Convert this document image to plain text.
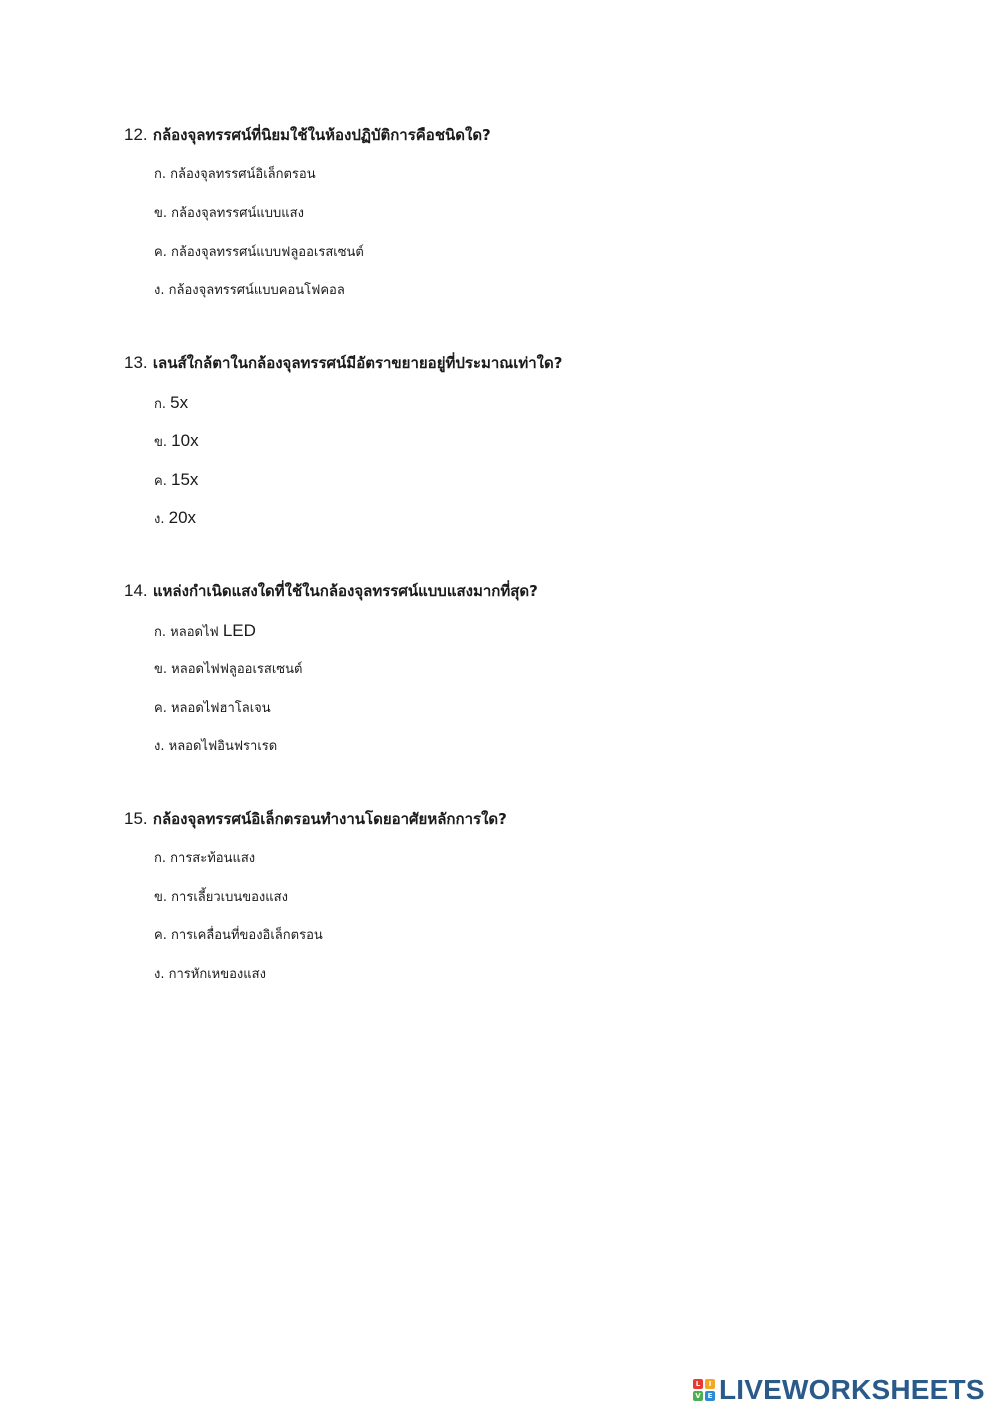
12. กล้องจุลทรรศน์ที่นิยมใช้ในห้องปฏิบัติการคือชนิดใด?
ก. กล้องจุลทรรศน์อิเล็กตรอน
ข. กล้องจุลทรรศน์แบบแสง
ค. กล้องจุลทรรศน์แบบฟลูออเรสเซนต์
ง. กล้องจุลทรรศน์แบบคอนโฟคอล
13. เลนส์ใกล้ตาในกล้องจุลทรรศน์มีอัตราขยายอยู่ที่ประมาณเท่าใด?
ก. 5x
ข. 10x
ค. 15x
ง. 20x
14. แหล่งกำเนิดแสงใดที่ใช้ในกล้องจุลทรรศน์แบบแสงมากที่สุด?
ก. หลอดไฟ LED
ข. หลอดไฟฟลูออเรสเซนต์
ค. หลอดไฟฮาโลเจน
ง. หลอดไฟอินฟราเรด
15. กล้องจุลทรรศน์อิเล็กตรอนทำงานโดยอาศัยหลักการใด?
ก. การสะท้อนแสง
ข. การเลี้ยวเบนของแสง
ค. การเคลื่อนที่ของอิเล็กตรอน
ง. การหักเหของแสง
L	I
V E LIVEWORKSHEETS
